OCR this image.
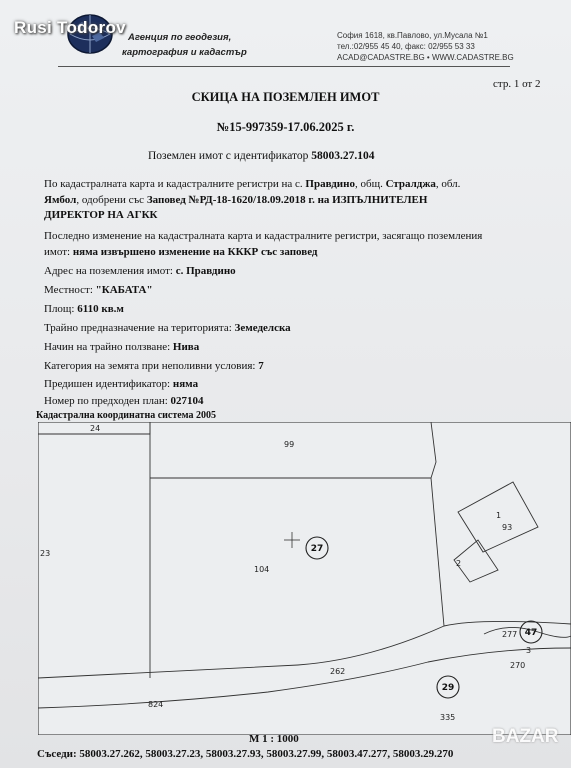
Rusi Todorov
Агенция по геодезия,
картография и кадастър
София 1618, кв.Павлово, ул.Мусала №1
тел.:02/955 45 40, факс: 02/955 53 33
ACAD@CADASTRE.BG • WWW.CADASTRE.BG
стр. 1 от 2
СКИЦА НА ПОЗЕМЛЕН ИМОТ
№15-997359-17.06.2025 г.
Поземлен имот с идентификатор 58003.27.104
По кадастралната карта и кадастралните регистри на с. Правдино, общ. Стралджа, обл.
Ямбол, одобрени със Заповед №РД-18-1620/18.09.2018 г. на ИЗПЪЛНИТЕЛЕН
ДИРЕКТОР НА АГКК
Последно изменение на кадастралната карта и кадастралните регистри, засягащо поземления
имот: няма извършено изменение на КККР със заповед
Адрес на поземления имот: с. Правдино
Местност: "КАБАТА"
Площ: 6110 кв.м
Трайно предназначение на територията: Земеделска
Начин на трайно ползване: Нива
Категория на земята при неполивни условия: 7
Предишен идентификатор: няма
Номер по предходен план: 027104
Кадастрална координатна система 2005
24
99
23
104
1
93
2
3
277
270
262
824
335
27
47
29
М 1 : 1000
Съседи: 58003.27.262, 58003.27.23, 58003.27.93, 58003.27.99, 58003.47.277, 58003.29.270
BAZAR
